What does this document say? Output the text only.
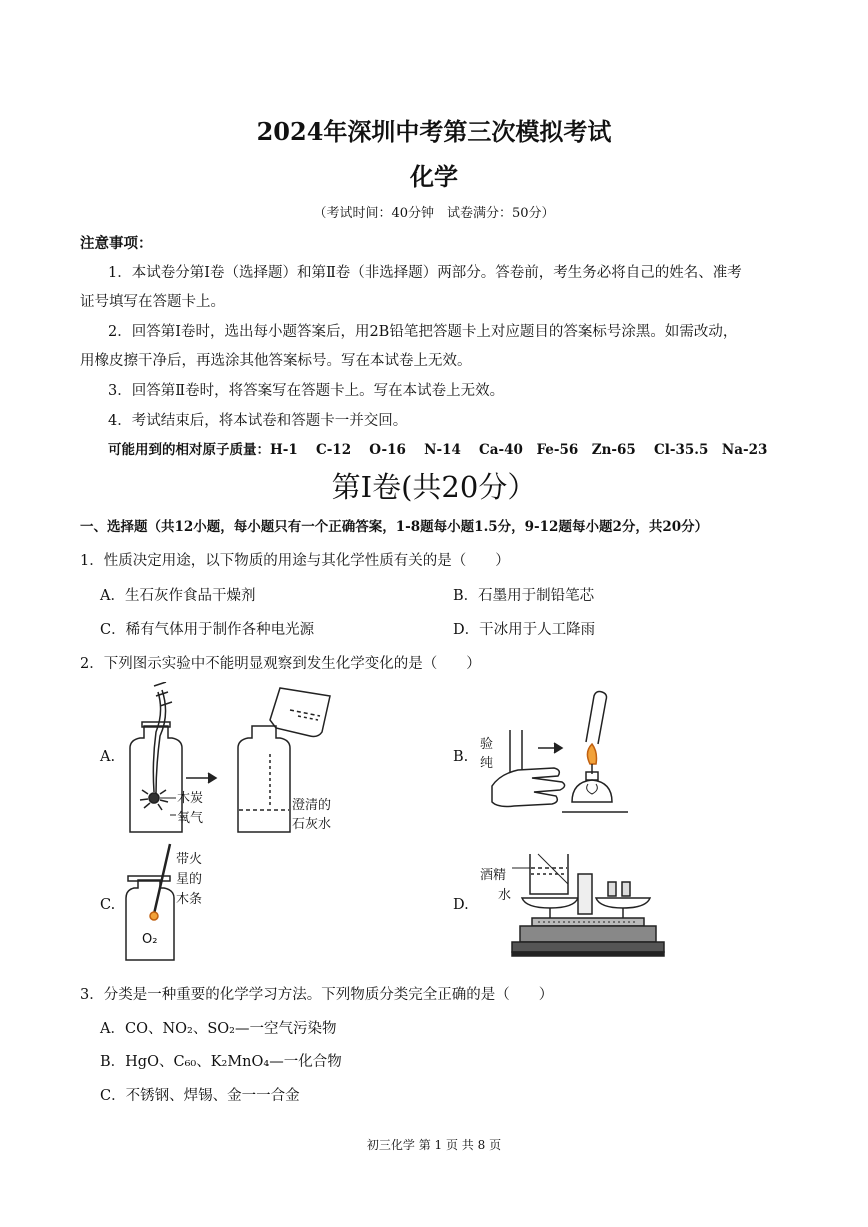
2024年深圳中考第三次模拟考试
化学
（考试时间：40分钟　试卷满分：50分）
注意事项：
1．本试卷分第Ⅰ卷（选择题）和第Ⅱ卷（非选择题）两部分。答卷前，考生务必将自己的姓名、准考
证号填写在答题卡上。
2．回答第Ⅰ卷时，选出每小题答案后，用2B铅笔把答题卡上对应题目的答案标号涂黑。如需改动，
用橡皮擦干净后，再选涂其他答案标号。写在本试卷上无效。
3．回答第Ⅱ卷时，将答案写在答题卡上。写在本试卷上无效。
4．考试结束后，将本试卷和答题卡一并交回。
可能用到的相对原子质量：H-1　 C-12　 O-16　 N-14　 Ca-40　Fe-56　Zn-65　 Cl-35.5　Na-23
第Ⅰ卷(共20分）
一、选择题（共12小题，每小题只有一个正确答案，1-8题每小题1.5分，9-12题每小题2分，共20分）
1．性质决定用途，以下物质的用途与其化学性质有关的是（　　）
A．生石灰作食品干燥剂	B．石墨用于制铅笔芯
C．稀有气体用于制作各种电光源	D．干冰用于人工降雨
2．下列图示实验中不能明显观察到发生化学变化的是（　　）
A.	B.
C.	D.
木炭
氧气
澄清的
石灰水
验
纯
O₂
带火
星的
木条
酒精
水
3．分类是一种重要的化学学习方法。下列物质分类完全正确的是（　　）
A．CO、NO₂、SO₂—一空气污染物
B．HgO、C₆₀、K₂MnO₄—一化合物
C．不锈钢、焊锡、金一一合金
初三化学 第 1 页 共 8 页
